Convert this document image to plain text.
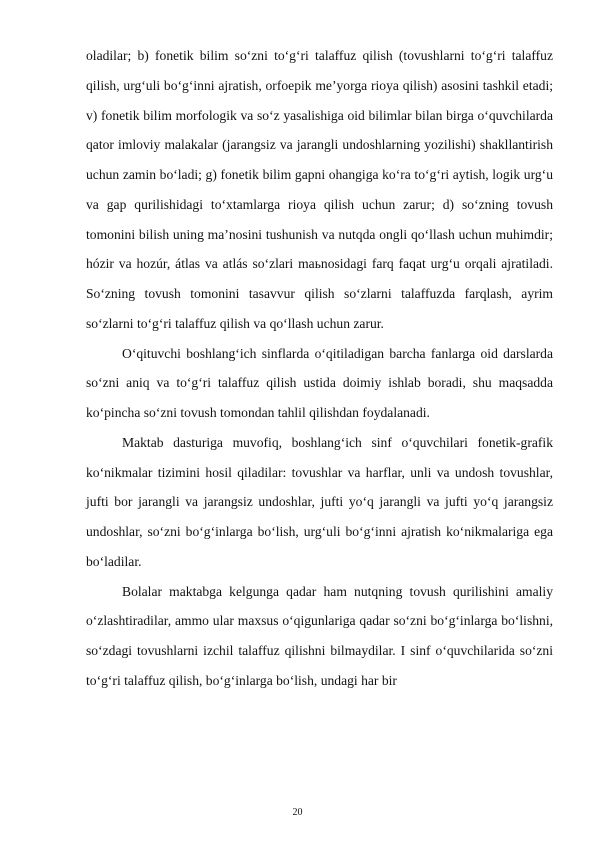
oladilar; b) fonetik bilim so‘zni to‘g‘ri talaffuz qilish (tovushlarni to‘g‘ri talaffuz qilish, urg‘uli bo‘g‘inni ajratish, orfoepik me’yorga rioya qilish) asosini tashkil etadi; v) fonetik bilim morfologik va so‘z yasalishiga oid bilimlar bilan birga o‘quvchilarda qator imloviy malakalar (jarangsiz va jarangli undoshlarning yozilishi) shakllantirish uchun zamin bo‘ladi; g) fonetik bilim gapni ohangiga ko‘ra to‘g‘ri aytish, logik urg‘u va gap qurilishidagi to‘xtamlarga rioya qilish uchun zarur; d) so‘zning tovush tomonini bilish uning ma’nosini tushunish va nutqda ongli qo‘llash uchun muhimdir; hózir va hozúr, átlas va atlás so‘zlari maьnosidagi farq faqat urg‘u orqali ajratiladi. So‘zning tovush tomonini tasavvur qilish so‘zlarni talaffuzda farqlash, ayrim so‘zlarni to‘g‘ri talaffuz qilish va qo‘llash uchun zarur.

O‘qituvchi boshlang‘ich sinflarda o‘qitiladigan barcha fanlarga oid darslarda so‘zni aniq va to‘g‘ri talaffuz qilish ustida doimiy ishlab boradi, shu maqsadda ko‘pincha so‘zni tovush tomondan tahlil qilishdan foydalanadi.

Maktab dasturiga muvofiq, boshlang‘ich sinf o‘quvchilari fonetik-grafik ko‘nikmalar tizimini hosil qiladilar: tovushlar va harflar, unli va undosh tovushlar, jufti bor jarangli va jarangsiz undoshlar, jufti yo‘q jarangli va jufti yo‘q jarangsiz undoshlar, so‘zni bo‘g‘inlarga bo‘lish, urg‘uli bo‘g‘inni ajratish ko‘nikmalariga ega bo‘ladilar.

Bolalar maktabga kelgunga qadar ham nutqning tovush qurilishini amaliy o‘zlashtiradilar, ammo ular maxsus o‘qigunlariga qadar so‘zni bo‘g‘inlarga bo‘lishni, so‘zdagi tovushlarni izchil talaffuz qilishni bilmaydilar. I sinf o‘quvchilarida so‘zni to‘g‘ri talaffuz qilish, bo‘g‘inlarga bo‘lish, undagi har bir

20
